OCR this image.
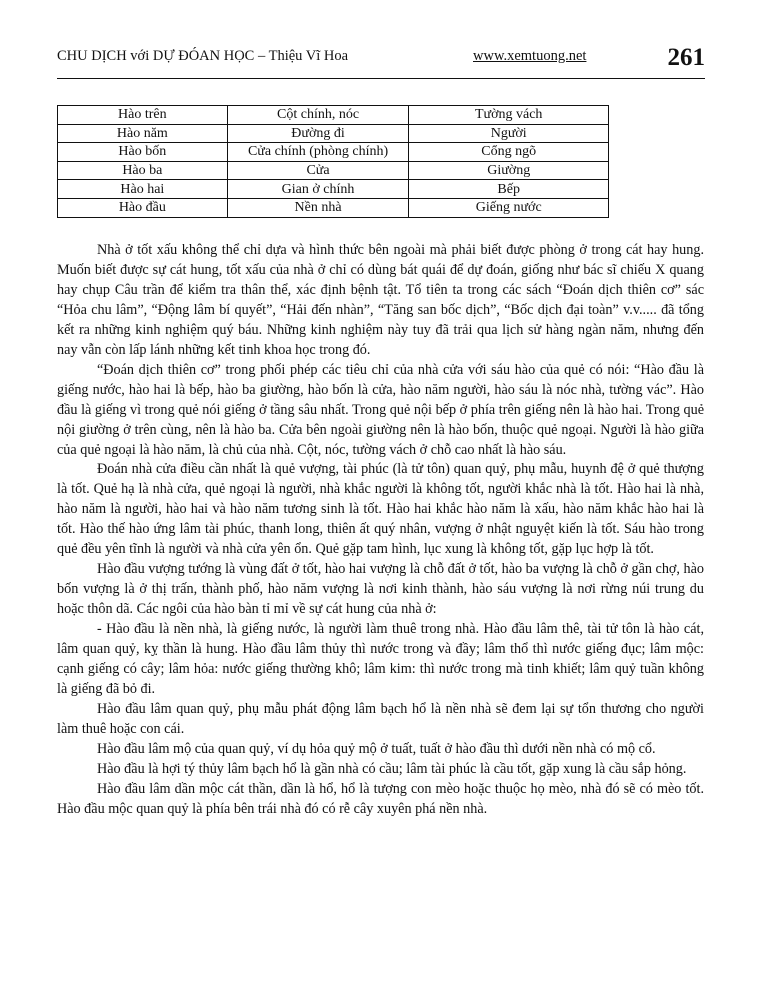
CHU DỊCH với DỰ ĐÓAN HỌC – Thiệu Vĩ Hoa	www.xemtuong.net	261
Hào trên	Cột chính, nóc	Tường vách
Hào năm	Đường đi	Người
Hào bốn	Cửa chính (phòng chính)	Cổng ngõ
Hào ba	Cửa	Giường
Hào hai	Gian ở chính	Bếp
Hào đầu	Nền nhà	Giếng nước

Nhà ở tốt xấu không thể chỉ dựa và hình thức bên ngoài mà phải biết được phòng ở trong cát hay hung. Muốn biết được sự cát hung, tốt xấu của nhà ở chỉ có dùng bát quái để dự đoán, giống như bác sĩ chiếu X quang hay chụp Câu trần để kiểm tra thân thể, xác định bệnh tật. Tổ tiên ta trong các sách “Đoán dịch thiên cơ” sác “Hỏa chu lâm”, “Động lâm bí quyết”, “Hải đến nhàn”, “Tăng san bốc dịch”, “Bốc dịch đại toàn” v.v..... đã tổng kết ra những kinh nghiệm quý báu. Những kinh nghiệm này tuy đã trải qua lịch sử hàng ngàn năm, nhưng đến nay vẫn còn lấp lánh những kết tinh khoa học trong đó.

“Đoán dịch thiên cơ” trong phối phép các tiêu chỉ của nhà cửa với sáu hào của quẻ có nói: “Hào đầu là giếng nước, hào hai là bếp, hào ba giường, hào bốn là cửa, hào năm người, hào sáu là nóc nhà, tường vác”. Hào đầu là giếng vì trong quẻ nói giếng ở tầng sâu nhất. Trong quẻ nội bếp ở phía trên giếng nên là hào hai. Trong quẻ nội giường ở trên cùng, nên là hào ba. Cửa bên ngoài giường nên là hào bốn, thuộc quẻ ngoại. Người là hào giữa của quẻ ngoại là hào năm, là chủ của nhà. Cột, nóc, tường vách ở chỗ cao nhất là hào sáu.

Đoán nhà cửa điều cần nhất là quẻ vượng, tài phúc (là tử tôn) quan quỷ, phụ mẫu, huynh đệ ở quẻ thượng là tốt. Quẻ hạ là nhà cửa, quẻ ngoại là người, nhà khắc người là không tốt, người khắc nhà là tốt. Hào hai là nhà, hào năm là người, hào hai và hào năm tương sinh là tốt. Hào hai khắc hào năm là xấu, hào năm khắc hào hai là tốt. Hào thế hào ứng lâm tài phúc, thanh long, thiên ất quý nhân, vượng ở nhật nguyệt kiến là tốt. Sáu hào trong quẻ đều yên tĩnh là người và nhà cửa yên ổn. Quẻ gặp tam hình, lục xung là không tốt, gặp lục hợp là tốt.

Hào đầu vượng tướng là vùng đất ở tốt, hào hai vượng là chỗ đất ở tốt, hào ba vượng là chỗ ở gần chợ, hào bốn vượng là ở thị trấn, thành phố, hào năm vượng là nơi kinh thành, hào sáu vượng là nơi rừng núi trung du hoặc thôn dã. Các ngôi của hào bàn tỉ mỉ về sự cát hung của nhà ở:

- Hào đầu là nền nhà, là giếng nước, là người làm thuê trong nhà. Hào đầu lâm thê, tài tử tôn là hào cát, lâm quan quỷ, kỵ thần là hung. Hào đầu lâm thủy thì nước trong và đầy; lâm thổ thì nước giếng đục; lâm mộc: cạnh giếng có cây; lâm hỏa: nước giếng thường khô; lâm kim: thì nước trong mà tinh khiết; lâm quỷ tuần không là giếng đã bỏ đi.

Hào đầu lâm quan quỷ, phụ mẫu phát động lâm bạch hổ là nền nhà sẽ đem lại sự tổn thương cho người làm thuê hoặc con cái.

Hào đầu lâm mộ của quan quỷ, ví dụ hỏa quỷ mộ ở tuất, tuất ở hào đầu thì dưới nền nhà có mộ cổ.

Hào đầu là hợi tý thủy lâm bạch hổ là gần nhà có cầu; lâm tài phúc là cầu tốt, gặp xung là cầu sắp hỏng.

Hào đầu lâm dần mộc cát thần, dần là hổ, hổ là tượng con mèo hoặc thuộc họ mèo, nhà đó sẽ có mèo tốt. Hào đầu mộc quan quỷ là phía bên trái nhà đó có rễ cây xuyên phá nền nhà.
